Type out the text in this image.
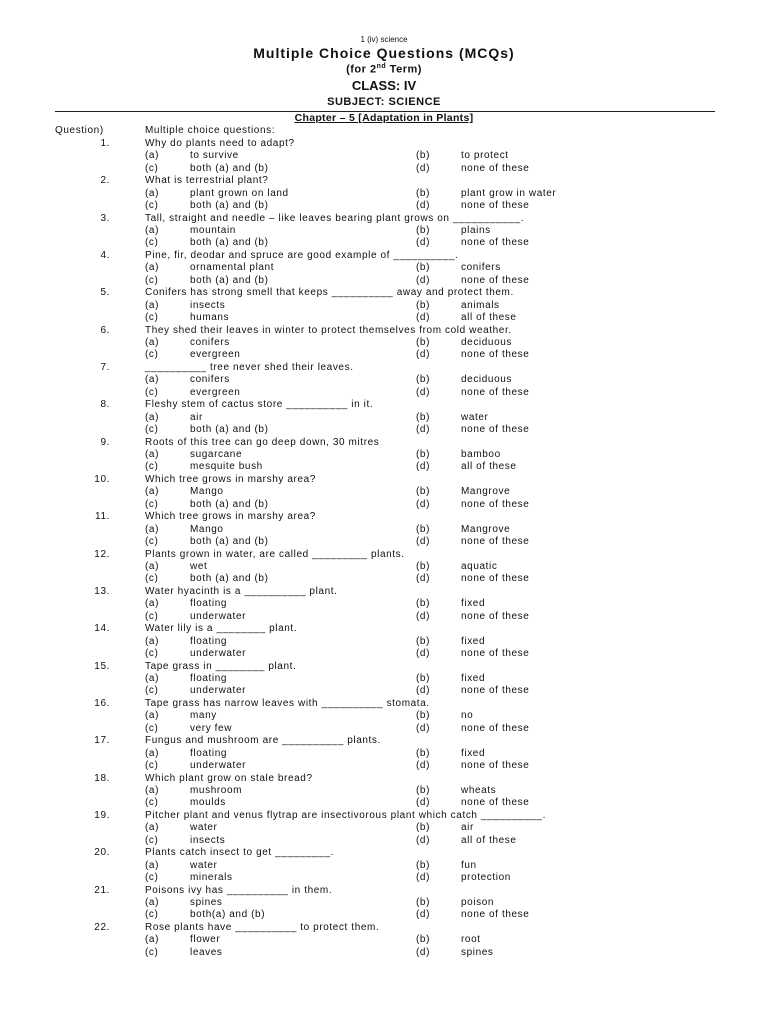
1 (iv) science
Multiple Choice Questions (MCQs)
(for 2nd Term)
CLASS: IV
SUBJECT: SCIENCE
Chapter – 5 [Adaptation in Plants]
Question)	Multiple choice questions:
1.	Why do plants need to adapt?
(a)	to survive	(b)	to protect
(c)	both (a) and (b)	(d)	none of these
2.	What is terrestrial plant?
(a)	plant grown on land	(b)	plant grow in water
(c)	both (a) and (b)	(d)	none of these
3.	Tall, straight and needle – like leaves bearing plant grows on ___________.
(a)	mountain	(b)	plains
(c)	both (a) and (b)	(d)	none of these
4.	Pine, fir, deodar and spruce are good example of __________.
(a)	ornamental plant	(b)	conifers
(c)	both (a) and (b)	(d)	none of these
5.	Conifers has strong smell that keeps __________ away and protect them.
(a)	insects	(b)	animals
(c)	humans	(d)	all of these
6.	They shed their leaves in winter to protect themselves from cold weather.
(a)	conifers	(b)	deciduous
(c)	evergreen	(d)	none of these
7.	__________ tree never shed their leaves.
(a)	conifers	(b)	deciduous
(c)	evergreen	(d)	none of these
8.	Fleshy stem of cactus store __________ in it.
(a)	air	(b)	water
(c)	both (a) and (b)	(d)	none of these
9.	Roots of this tree can go deep down, 30 mitres
(a)	sugarcane	(b)	bamboo
(c)	mesquite bush	(d)	all of these
10.	Which tree grows in marshy area?
(a)	Mango	(b)	Mangrove
(c)	both (a) and (b)	(d)	none of these
11.	Which tree grows in marshy area?
(a)	Mango	(b)	Mangrove
(c)	both (a) and (b)	(d)	none of these
12.	Plants grown in water, are called _________ plants.
(a)	wet	(b)	aquatic
(c)	both (a) and (b)	(d)	none of these
13.	Water hyacinth is a __________ plant.
(a)	floating	(b)	fixed
(c)	underwater	(d)	none of these
14.	Water lily is a ________ plant.
(a)	floating	(b)	fixed
(c)	underwater	(d)	none of these
15.	Tape grass in ________ plant.
(a)	floating	(b)	fixed
(c)	underwater	(d)	none of these
16.	Tape grass has narrow leaves with __________ stomata.
(a)	many	(b)	no
(c)	very few	(d)	none of these
17.	Fungus and mushroom are __________ plants.
(a)	floating	(b)	fixed
(c)	underwater	(d)	none of these
18.	Which plant grow on stale bread?
(a)	mushroom	(b)	wheats
(c)	moulds	(d)	none of these
19.	Pitcher plant and venus flytrap are insectivorous plant which catch __________.
(a)	water	(b)	air
(c)	insects	(d)	all of these
20.	Plants catch insect to get _________.
(a)	water	(b)	fun
(c)	minerals	(d)	protection
21.	Poisons ivy has __________ in them.
(a)	spines	(b)	poison
(c)	both(a) and (b)	(d)	none of these
22.	Rose plants have __________ to protect them.
(a)	flower	(b)	root
(c)	leaves	(d)	spines
